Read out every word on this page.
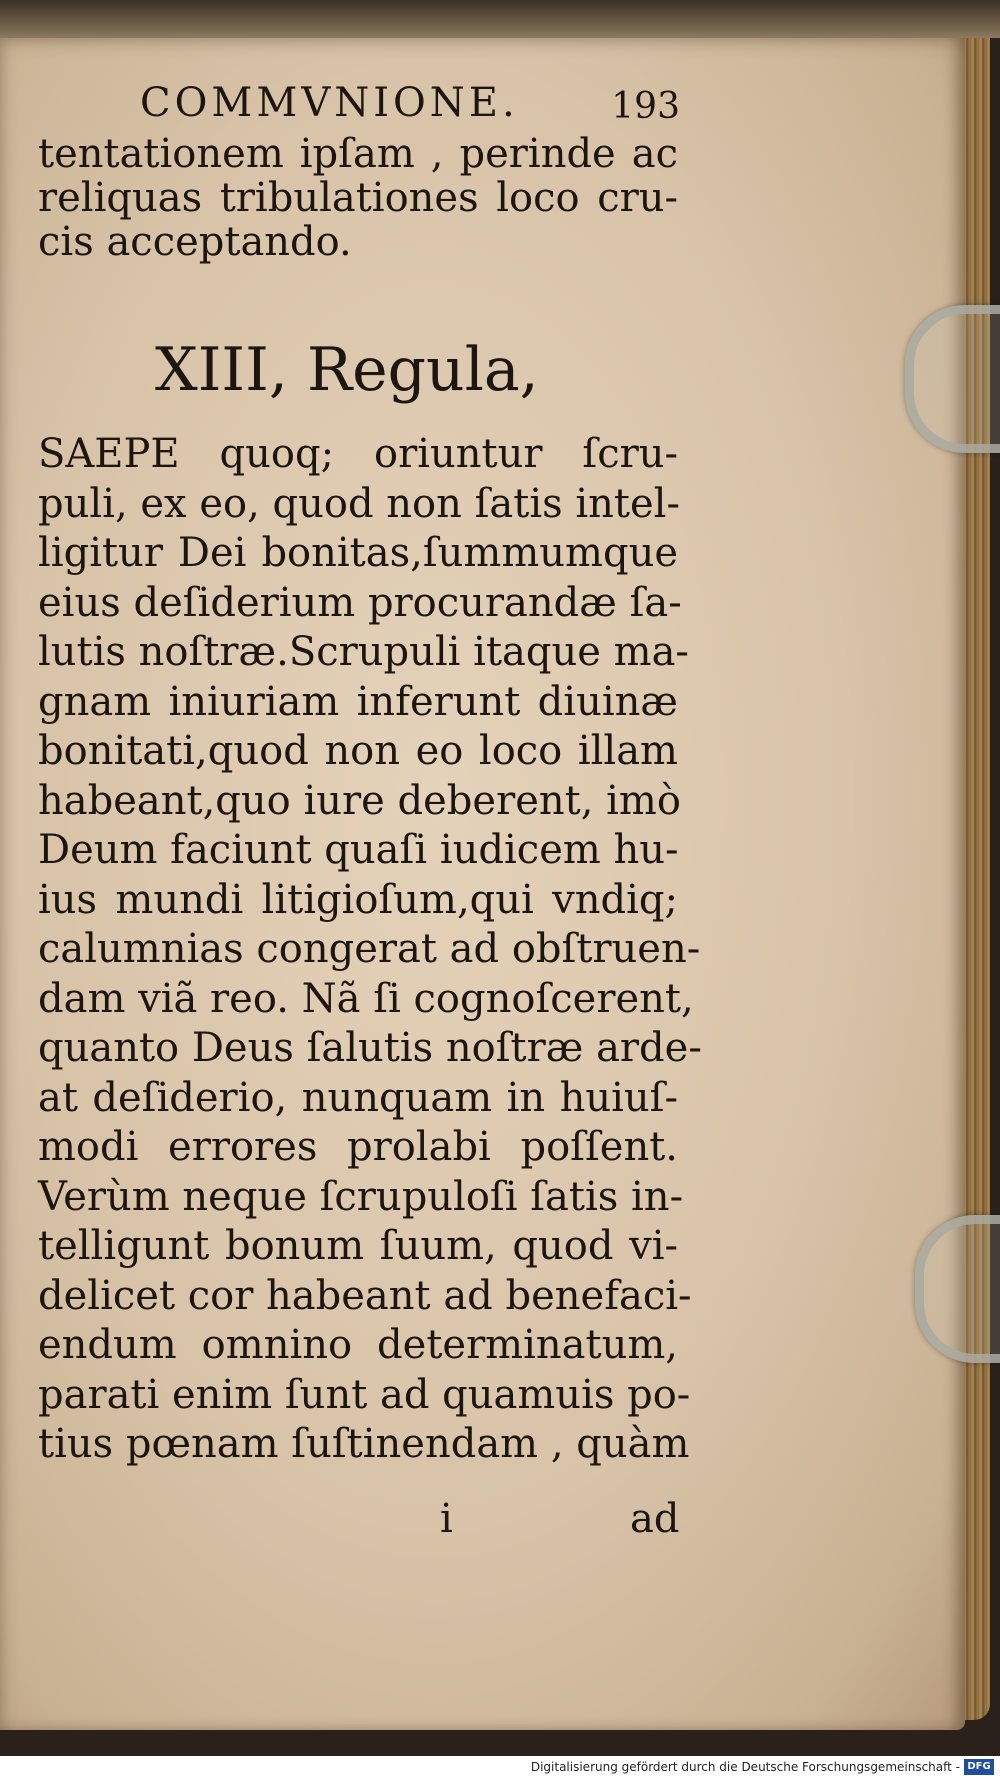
COMMVNIONE.	193
tentationem ipſam , perinde ac
reliquas tribulationes loco cru-
cis acceptando.
XIII, Regula,
SAEPE quoq; oriuntur ſcru-
puli, ex eo, quod non ſatis intel-
ligitur Dei bonitas,ſummumque
eius deſiderium procurandæ ſa-
lutis noſtræ.Scrupuli itaque ma-
gnam iniuriam inferunt diuinæ
bonitati,quod non eo loco illam
habeant,quo iure deberent, imò
Deum faciunt quaſi iudicem hu-
ius mundi litigioſum,qui vndiq;
calumnias congerat ad obſtruen-
dam viã reo. Nã ſi cognoſcerent,
quanto Deus ſalutis noſtræ arde-
at deſiderio, nunquam in huiuſ-
modi errores prolabi poſſent.
Verùm neque ſcrupuloſi ſatis in-
telligunt bonum ſuum, quod vi-
delicet cor habeant ad benefaci-
endum omnino determinatum,
parati enim ſunt ad quamuis po-
tius pœnam ſuſtinendam , quàm
i	ad
Digitalisierung gefördert durch die Deutsche Forschungsgemeinschaft - DFG
